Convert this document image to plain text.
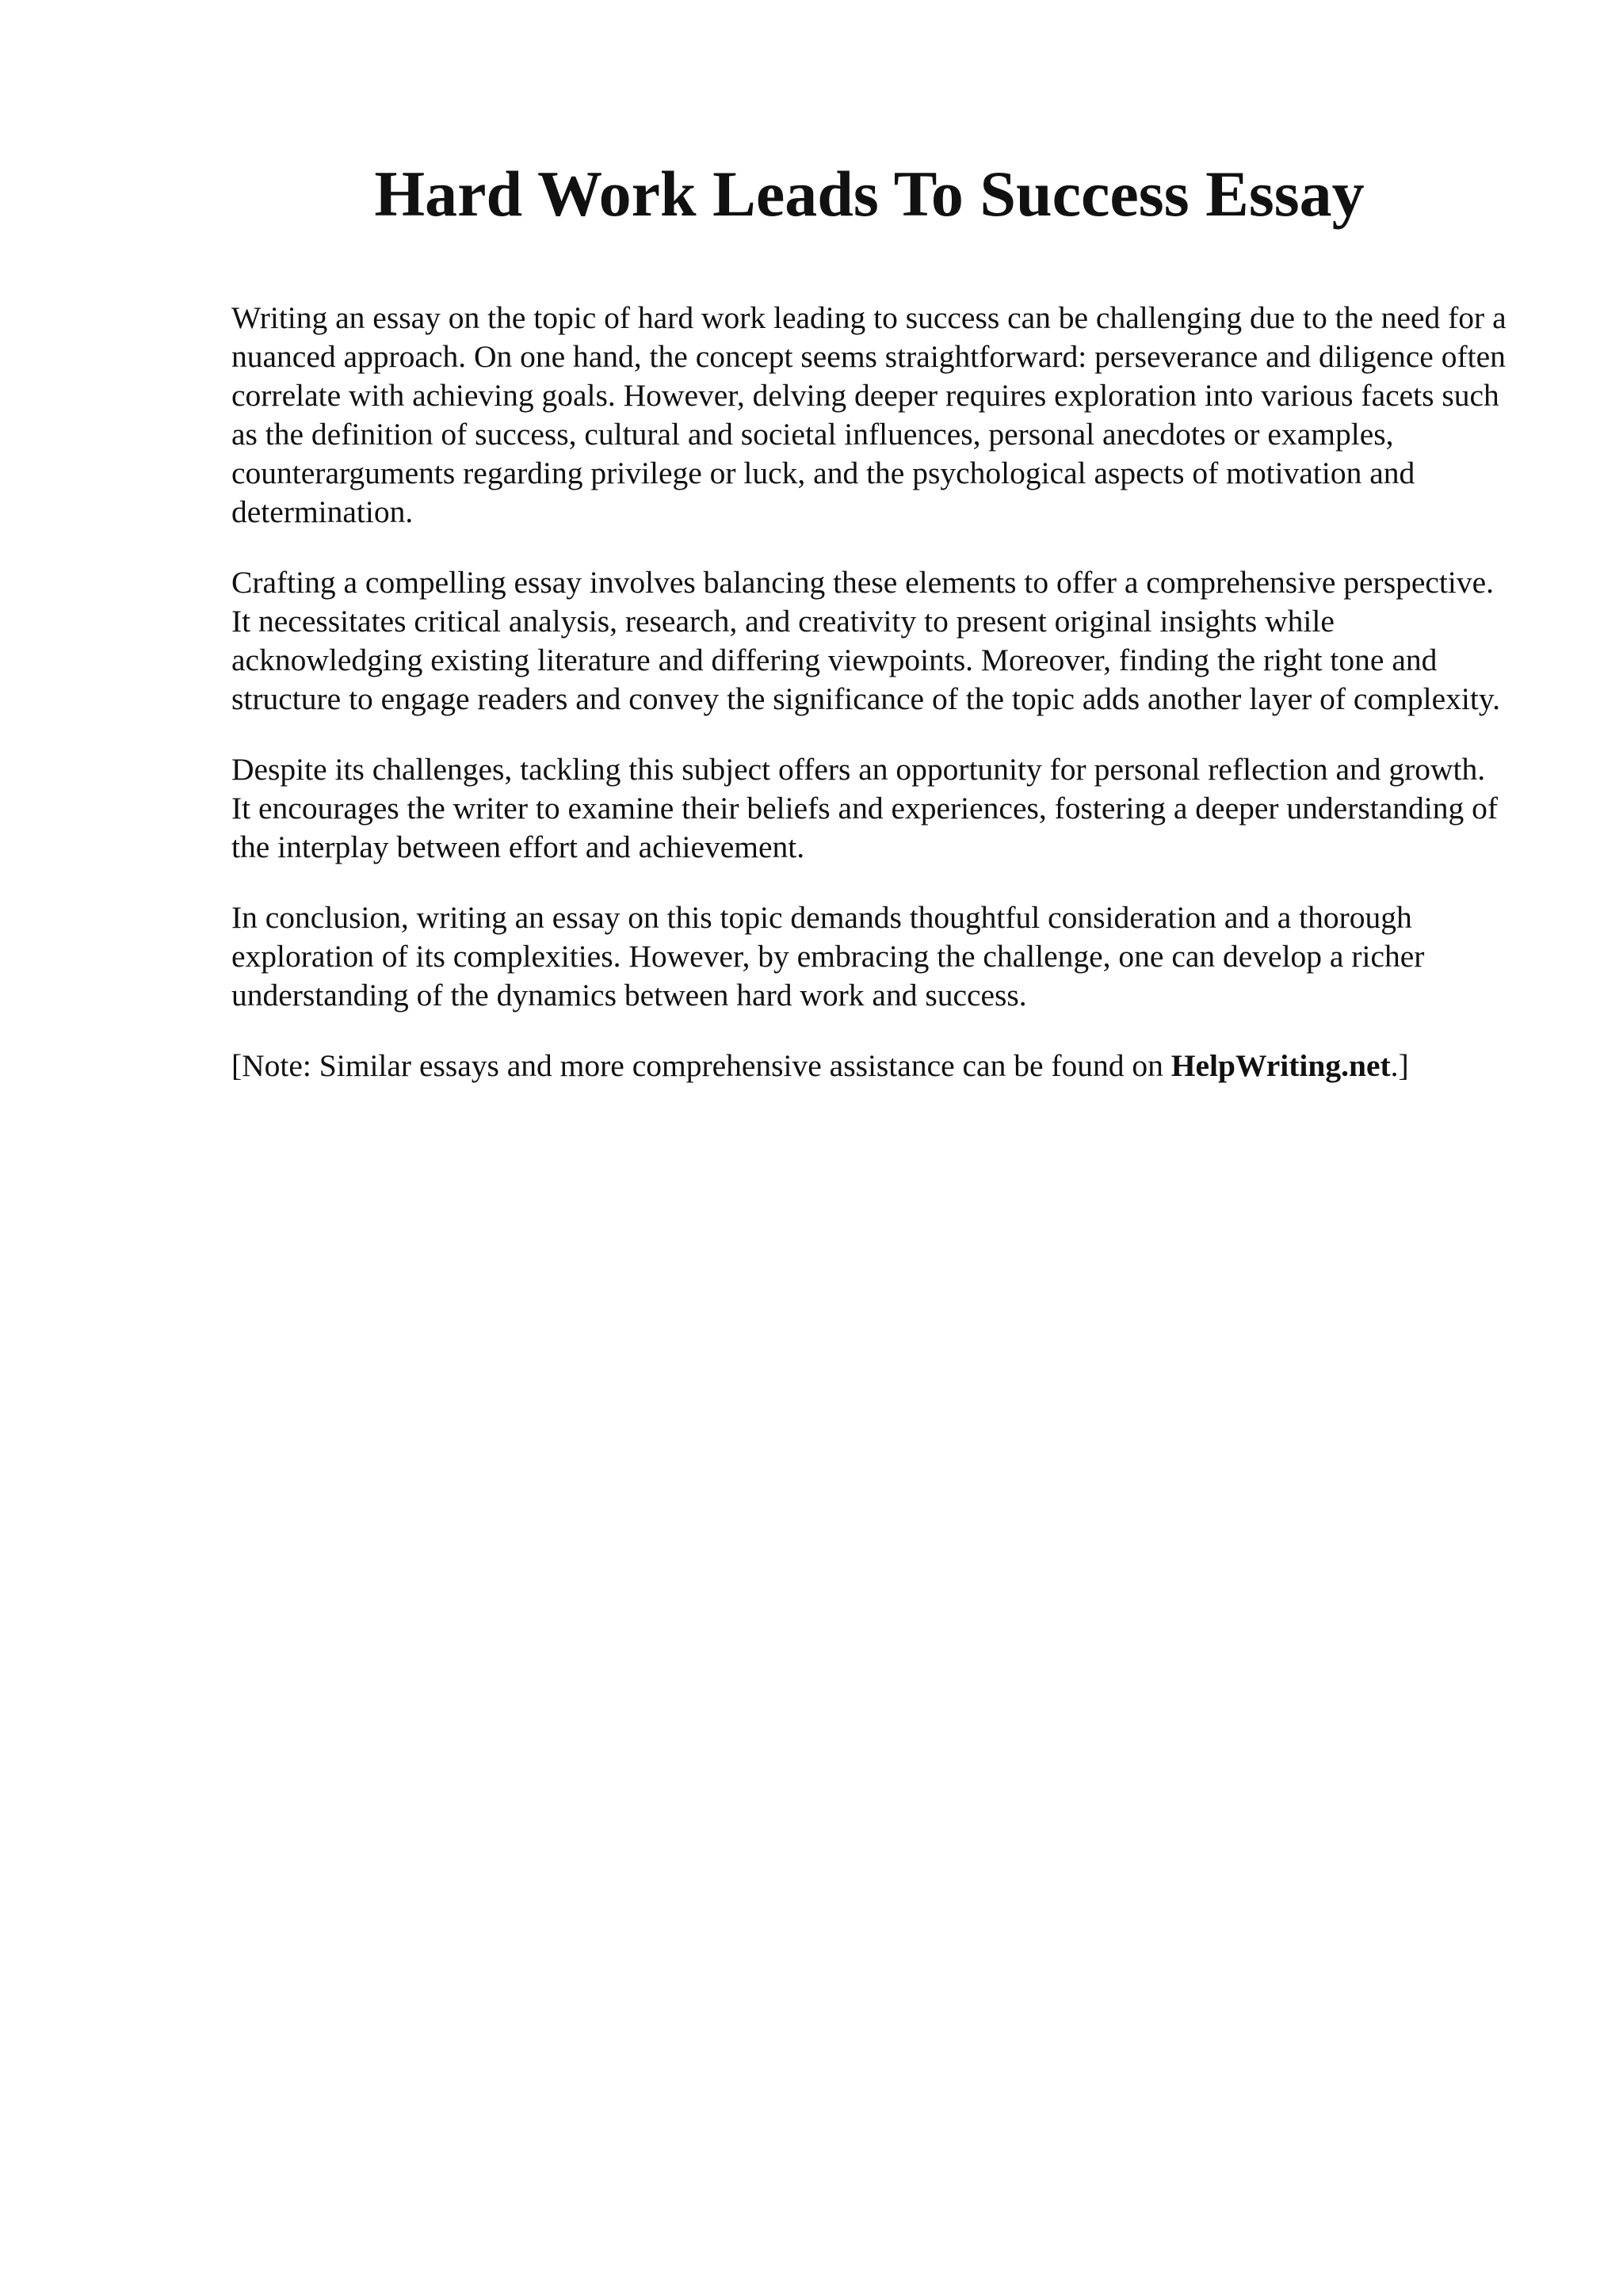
Hard Work Leads To Success Essay

Writing an essay on the topic of hard work leading to success can be challenging due to the need for a nuanced approach. On one hand, the concept seems straightforward: perseverance and diligence often correlate with achieving goals. However, delving deeper requires exploration into various facets such as the definition of success, cultural and societal influences, personal anecdotes or examples, counterarguments regarding privilege or luck, and the psychological aspects of motivation and determination.

Crafting a compelling essay involves balancing these elements to offer a comprehensive perspective. It necessitates critical analysis, research, and creativity to present original insights while acknowledging existing literature and differing viewpoints. Moreover, finding the right tone and structure to engage readers and convey the significance of the topic adds another layer of complexity.

Despite its challenges, tackling this subject offers an opportunity for personal reflection and growth. It encourages the writer to examine their beliefs and experiences, fostering a deeper understanding of the interplay between effort and achievement.

In conclusion, writing an essay on this topic demands thoughtful consideration and a thorough exploration of its complexities. However, by embracing the challenge, one can develop a richer understanding of the dynamics between hard work and success.

[Note: Similar essays and more comprehensive assistance can be found on HelpWriting.net.]
